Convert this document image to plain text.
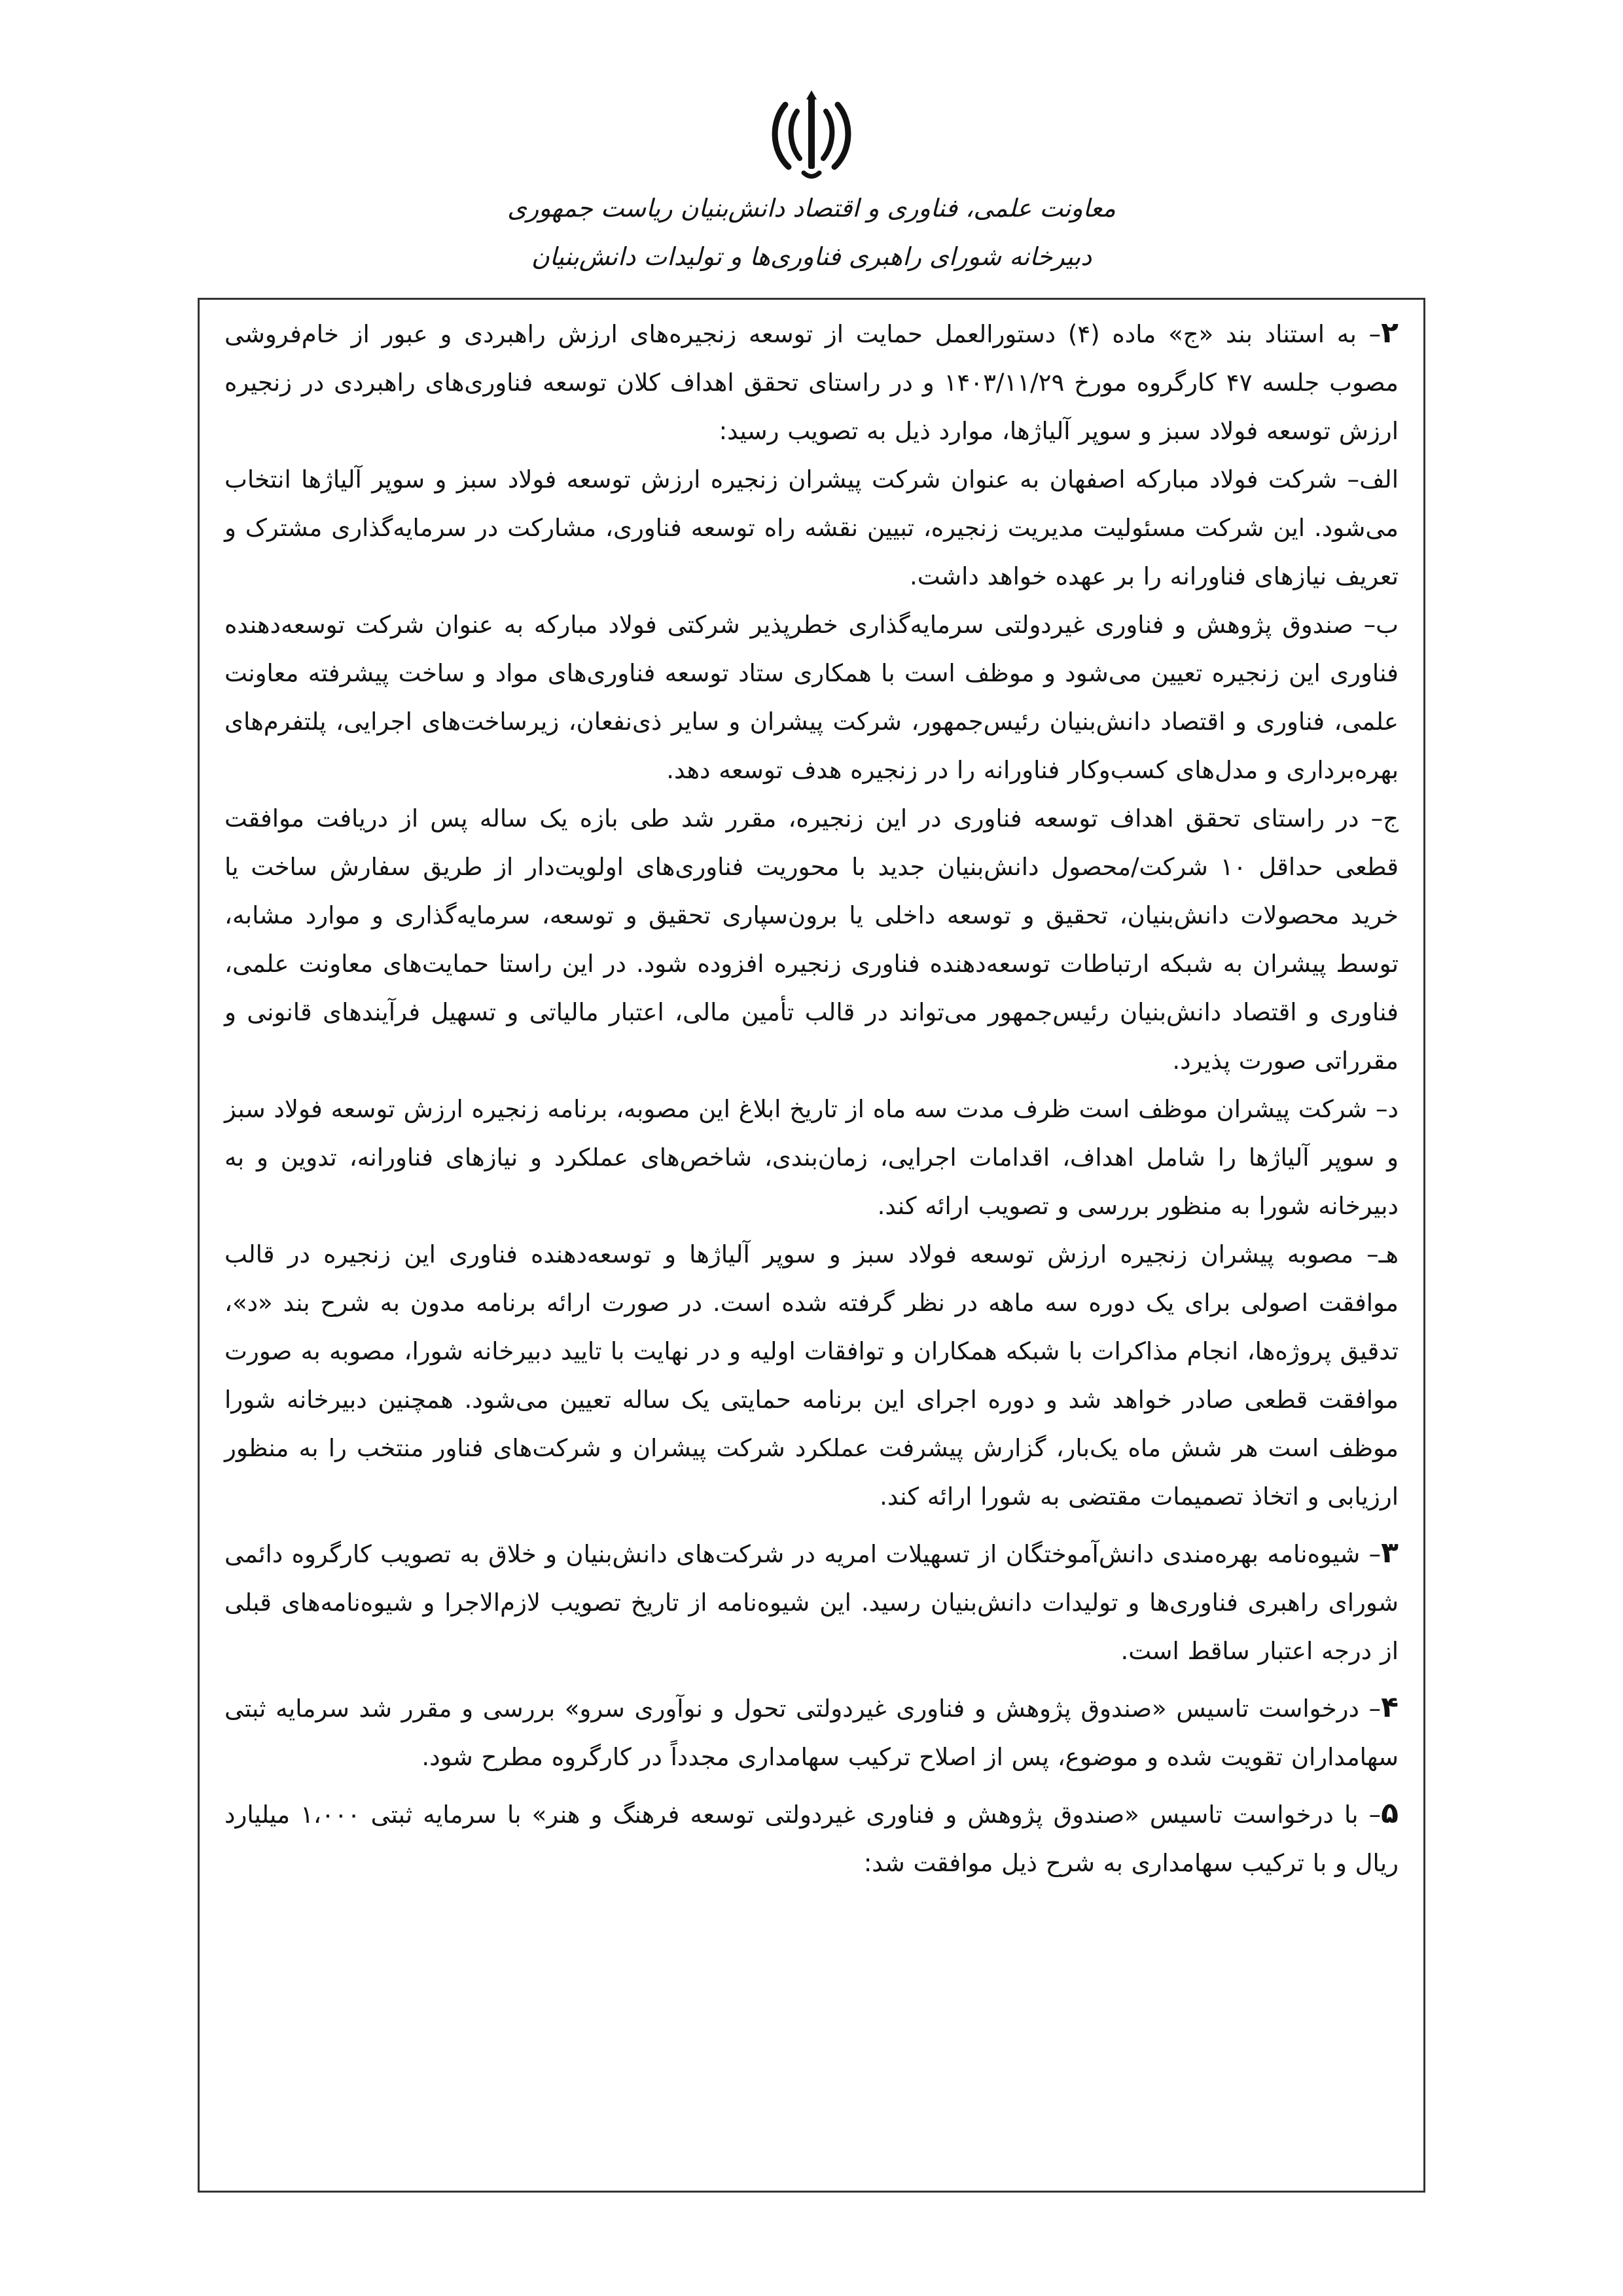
معاونت علمی، فناوری و اقتصاد دانش‌بنیان ریاست جمهوری
دبیرخانه شورای راهبری فناوری‌ها و تولیدات دانش‌بنیان

۲– به استناد بند «ج» ماده (۴) دستورالعمل حمایت از توسعه زنجیره‌های ارزش راهبردی و عبور از خام‌فروشی مصوب جلسه ۴۷ کارگروه مورخ ۱۴۰۳/۱۱/۲۹ و در راستای تحقق اهداف کلان توسعه فناوری‌های راهبردی در زنجیره ارزش توسعه فولاد سبز و سوپر آلیاژها، موارد ذیل به تصویب رسید:

الف– شرکت فولاد مبارکه اصفهان به عنوان شرکت پیشران زنجیره ارزش توسعه فولاد سبز و سوپر آلیاژها انتخاب می‌شود. این شرکت مسئولیت مدیریت زنجیره، تبیین نقشه راه توسعه فناوری، مشارکت در سرمایه‌گذاری مشترک و تعریف نیازهای فناورانه را بر عهده خواهد داشت.

ب– صندوق پژوهش و فناوری غیردولتی سرمایه‌گذاری خطرپذیر شرکتی فولاد مبارکه به عنوان شرکت توسعه‌دهنده فناوری این زنجیره تعیین می‌شود و موظف است با همکاری ستاد توسعه فناوری‌های مواد و ساخت پیشرفته معاونت علمی، فناوری و اقتصاد دانش‌بنیان رئیس‌جمهور، شرکت پیشران و سایر ذی‌نفعان، زیرساخت‌های اجرایی، پلتفرم‌های بهره‌برداری و مدل‌های کسب‌وکار فناورانه را در زنجیره هدف توسعه دهد.

ج– در راستای تحقق اهداف توسعه فناوری در این زنجیره، مقرر شد طی بازه یک ساله پس از دریافت موافقت قطعی حداقل ۱۰ شرکت/محصول دانش‌بنیان جدید با محوریت فناوری‌های اولویت‌دار از طریق سفارش ساخت یا خرید محصولات دانش‌بنیان، تحقیق و توسعه داخلی یا برون‌سپاری تحقیق و توسعه، سرمایه‌گذاری و موارد مشابه، توسط پیشران به شبکه ارتباطات توسعه‌دهنده فناوری زنجیره افزوده شود. در این راستا حمایت‌های معاونت علمی، فناوری و اقتصاد دانش‌بنیان رئیس‌جمهور می‌تواند در قالب تأمین مالی، اعتبار مالیاتی و تسهیل فرآیندهای قانونی و مقرراتی صورت پذیرد.

د– شرکت پیشران موظف است ظرف مدت سه ماه از تاریخ ابلاغ این مصوبه، برنامه زنجیره ارزش توسعه فولاد سبز و سوپر آلیاژها را شامل اهداف، اقدامات اجرایی، زمان‌بندی، شاخص‌های عملکرد و نیازهای فناورانه، تدوین و به دبیرخانه شورا به منظور بررسی و تصویب ارائه کند.

هـ– مصوبه پیشران زنجیره ارزش توسعه فولاد سبز و سوپر آلیاژها و توسعه‌دهنده فناوری این زنجیره در قالب موافقت اصولی برای یک دوره سه ماهه در نظر گرفته شده است. در صورت ارائه برنامه مدون به شرح بند «د»، تدقیق پروژه‌ها، انجام مذاکرات با شبکه همکاران و توافقات اولیه و در نهایت با تایید دبیرخانه شورا، مصوبه به صورت موافقت قطعی صادر خواهد شد و دوره اجرای این برنامه حمایتی یک ساله تعیین می‌شود. همچنین دبیرخانه شورا موظف است هر شش ماه یک‌بار، گزارش پیشرفت عملکرد شرکت پیشران و شرکت‌های فناور منتخب را به منظور ارزیابی و اتخاذ تصمیمات مقتضی به شورا ارائه کند.

۳– شیوه‌نامه بهره‌مندی دانش‌آموختگان از تسهیلات امریه در شرکت‌های دانش‌بنیان و خلاق به تصویب کارگروه دائمی شورای راهبری فناوری‌ها و تولیدات دانش‌بنیان رسید. این شیوه‌نامه از تاریخ تصویب لازم‌الاجرا و شیوه‌نامه‌های قبلی از درجه اعتبار ساقط است.

۴– درخواست تاسیس «صندوق پژوهش و فناوری غیردولتی تحول و نوآوری سرو» بررسی و مقرر شد سرمایه ثبتی سهامداران تقویت شده و موضوع، پس از اصلاح ترکیب سهامداری مجدداً در کارگروه مطرح شود.

۵– با درخواست تاسیس «صندوق پژوهش و فناوری غیردولتی توسعه فرهنگ و هنر» با سرمایه ثبتی ۱،۰۰۰ میلیارد ریال و با ترکیب سهامداری به شرح ذیل موافقت شد:
